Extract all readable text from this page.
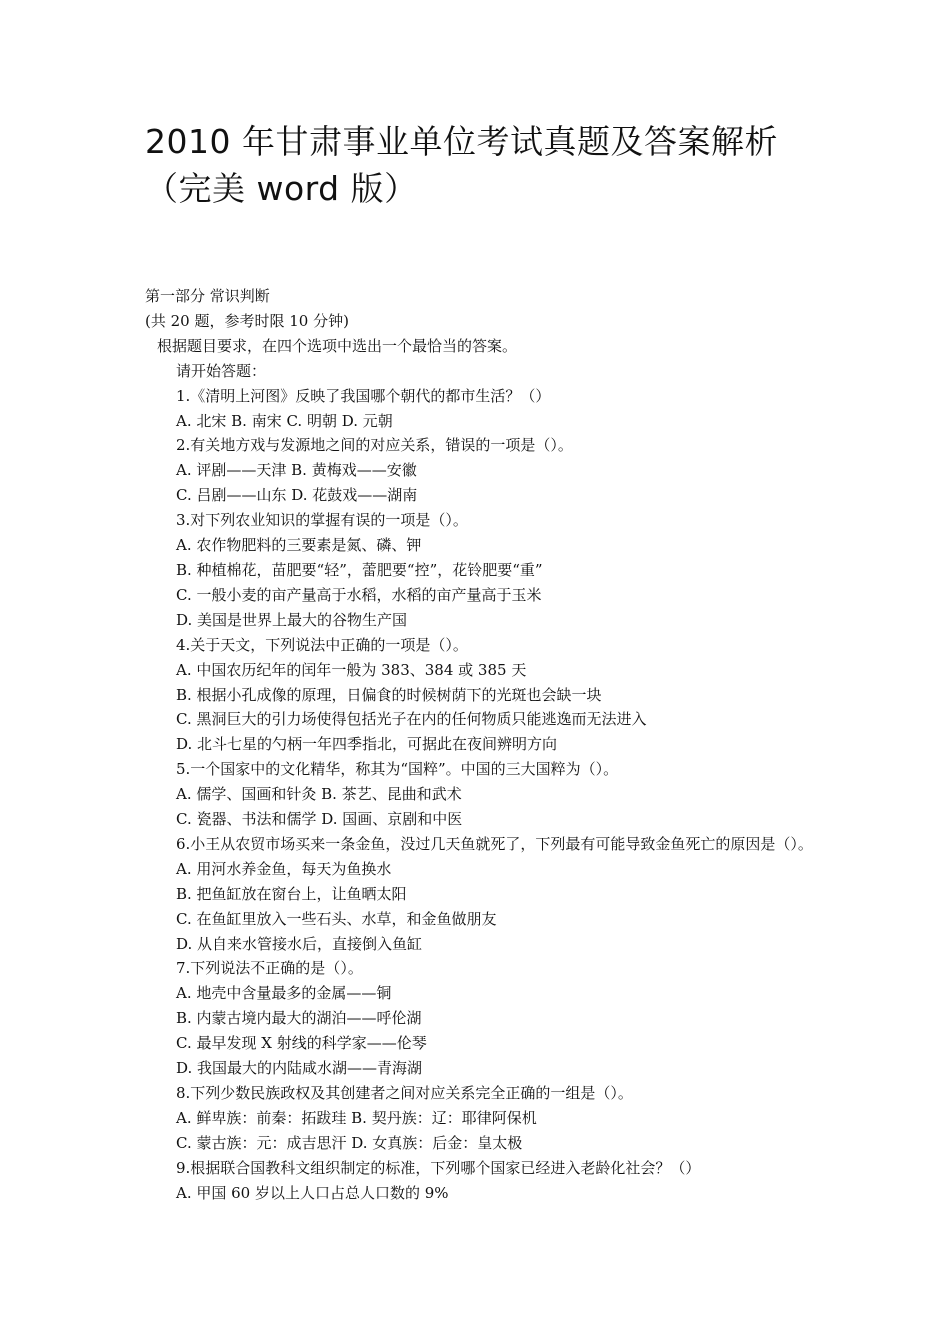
2010 年甘肃事业单位考试真题及答案解析
（完美 word 版）

第一部分 常识判断

(共 20 题，参考时限 10 分钟)

根据题目要求，在四个选项中选出一个最恰当的答案。

请开始答题：

1.《清明上河图》反映了我国哪个朝代的都市生活？（）

A. 北宋 B. 南宋 C. 明朝 D. 元朝

2.有关地方戏与发源地之间的对应关系，错误的一项是（）。

A. 评剧——天津 B. 黄梅戏——安徽

C. 吕剧——山东 D. 花鼓戏——湖南

3.对下列农业知识的掌握有误的一项是（）。

A. 农作物肥料的三要素是氮、磷、钾

B. 种植棉花，苗肥要“轻”，蕾肥要“控”，花铃肥要“重”

C. 一般小麦的亩产量高于水稻，水稻的亩产量高于玉米

D. 美国是世界上最大的谷物生产国

4.关于天文，下列说法中正确的一项是（）。

A. 中国农历纪年的闰年一般为 383、384 或 385 天

B. 根据小孔成像的原理，日偏食的时候树荫下的光斑也会缺一块

C. 黑洞巨大的引力场使得包括光子在内的任何物质只能逃逸而无法进入

D. 北斗七星的勺柄一年四季指北，可据此在夜间辨明方向

5.一个国家中的文化精华，称其为“国粹”。中国的三大国粹为（）。

A. 儒学、国画和针灸 B. 茶艺、昆曲和武术

C. 瓷器、书法和儒学 D. 国画、京剧和中医

6.小王从农贸市场买来一条金鱼，没过几天鱼就死了，下列最有可能导致金鱼死亡的原因是（）。

A. 用河水养金鱼，每天为鱼换水

B. 把鱼缸放在窗台上，让鱼晒太阳

C. 在鱼缸里放入一些石头、水草，和金鱼做朋友

D. 从自来水管接水后，直接倒入鱼缸

7.下列说法不正确的是（）。

A. 地壳中含量最多的金属——铜

B. 内蒙古境内最大的湖泊——呼伦湖

C. 最早发现 X 射线的科学家——伦琴

D. 我国最大的内陆咸水湖——青海湖

8.下列少数民族政权及其创建者之间对应关系完全正确的一组是（）。

A. 鲜卑族：前秦：拓跋珪 B. 契丹族：辽：耶律阿保机

C. 蒙古族：元：成吉思汗 D. 女真族：后金：皇太极

9.根据联合国教科文组织制定的标准，下列哪个国家已经进入老龄化社会？（）

A. 甲国 60 岁以上人口占总人口数的 9%
